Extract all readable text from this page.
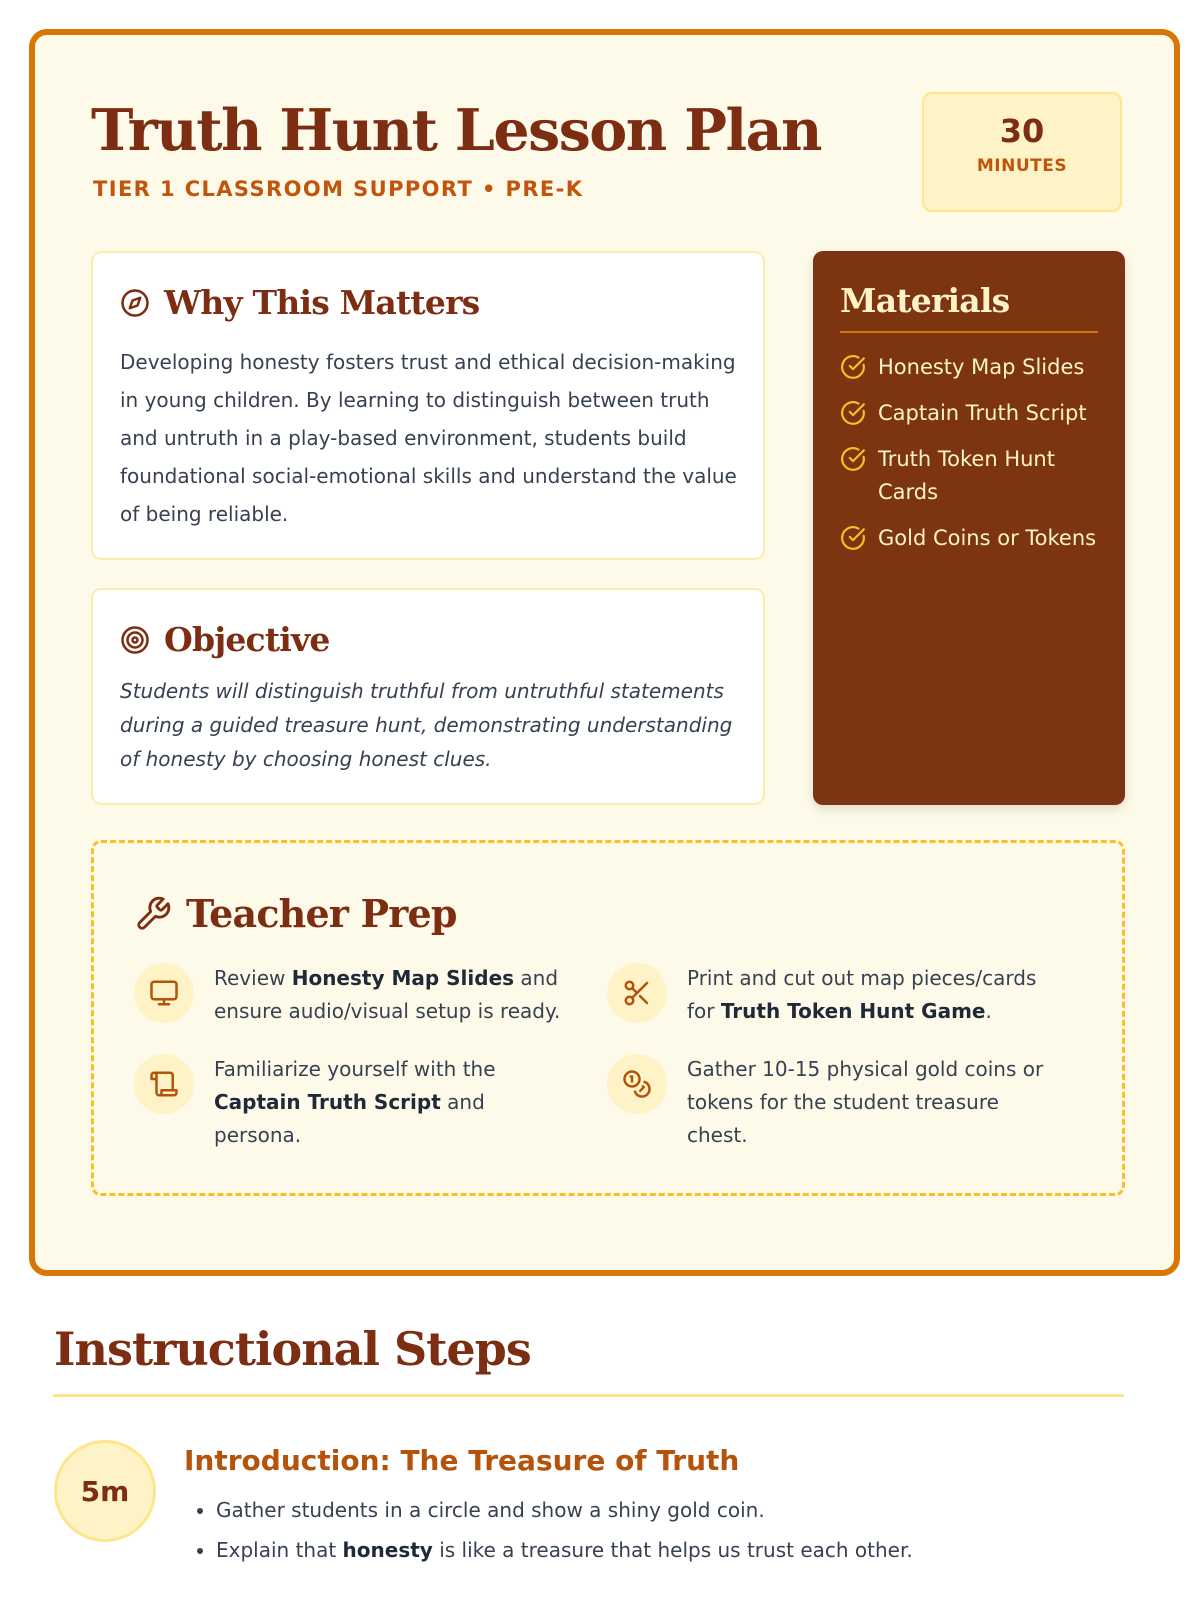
Truth Hunt Lesson Plan
TIER 1 CLASSROOM SUPPORT • PRE-K
30
MINUTES
Why This Matters

Developing honesty fosters trust and ethical decision-making in young children. By learning to distinguish between truth and untruth in a play-based environment, students build foundational social-emotional skills and understand the value of being reliable.

Objective

Students will distinguish truthful from untruthful statements during a guided treasure hunt, demonstrating understanding of honesty by choosing honest clues.

Materials
Honesty Map Slides
Captain Truth Script
Truth Token Hunt Cards
Gold Coins or Tokens
Teacher Prep
Review Honesty Map Slides and ensure audio/visual setup is ready.
Print and cut out map pieces/cards for Truth Token Hunt Game.
Familiarize yourself with the Captain Truth Script and persona.
Gather 10-15 physical gold coins or tokens for the student treasure chest.
Instructional Steps
5m
Introduction: The Treasure of Truth
• Gather students in a circle and show a shiny gold coin.
• Explain that honesty is like a treasure that helps us trust each other.
